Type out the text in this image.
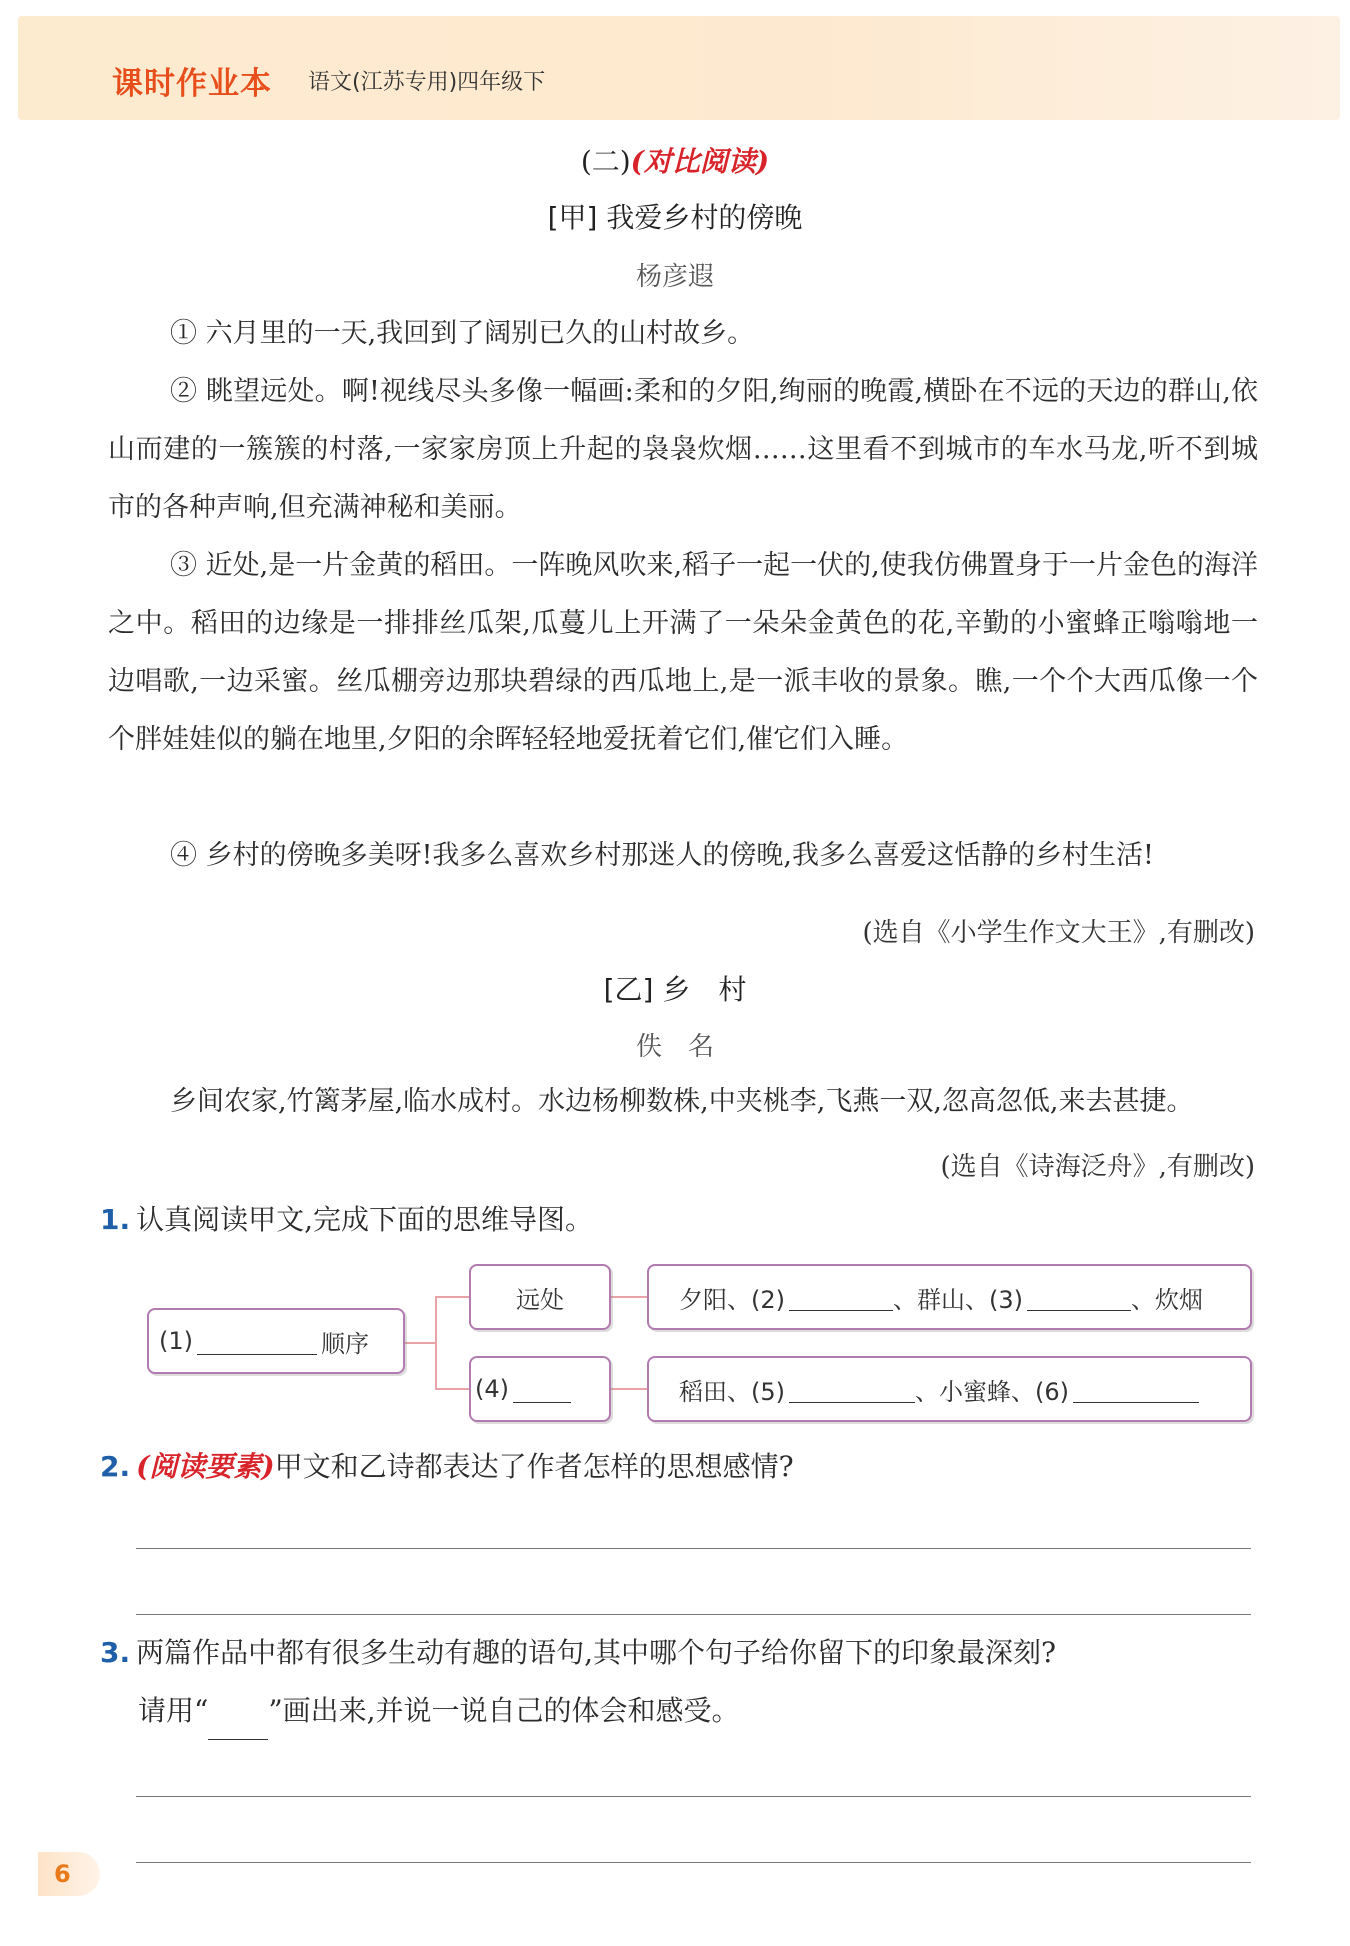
课时作业本 语文(江苏专用)四年级下
(二)(对比阅读)
[甲] 我爱乡村的傍晚
杨彦遐

① 六月里的一天,我回到了阔别已久的山村故乡。

② 眺望远处。啊!视线尽头多像一幅画:柔和的夕阳,绚丽的晚霞,横卧在不远的天边的群山,依山而建的一簇簇的村落,一家家房顶上升起的袅袅炊烟……这里看不到城市的车水马龙,听不到城市的各种声响,但充满神秘和美丽。

③ 近处,是一片金黄的稻田。一阵晚风吹来,稻子一起一伏的,使我仿佛置身于一片金色的海洋之中。稻田的边缘是一排排丝瓜架,瓜蔓儿上开满了一朵朵金黄色的花,辛勤的小蜜蜂正嗡嗡地一边唱歌,一边采蜜。丝瓜棚旁边那块碧绿的西瓜地上,是一派丰收的景象。瞧,一个个大西瓜像一个个胖娃娃似的躺在地里,夕阳的余晖轻轻地爱抚着它们,催它们入睡。

④ 乡村的傍晚多美呀!我多么喜欢乡村那迷人的傍晚,我多么喜爱这恬静的乡村生活!

(选自《小学生作文大王》,有删改)
[乙] 乡　村
佚　名

乡间农家,竹篱茅屋,临水成村。水边杨柳数株,中夹桃李,飞燕一双,忽高忽低,来去甚捷。

(选自《诗海泛舟》,有删改)
1. 认真阅读甲文,完成下面的思维导图。
(1)	顺序
远处
(4)
夕阳、(2)	、群山、(3)	、炊烟
稻田、(5)	、小蜜蜂、(6)
2. (阅读要素)甲文和乙诗都表达了作者怎样的思想感情?
3. 两篇作品中都有很多生动有趣的语句,其中哪个句子给你留下的印象最深刻?
请用“ ”画出来,并说一说自己的体会和感受。
6
